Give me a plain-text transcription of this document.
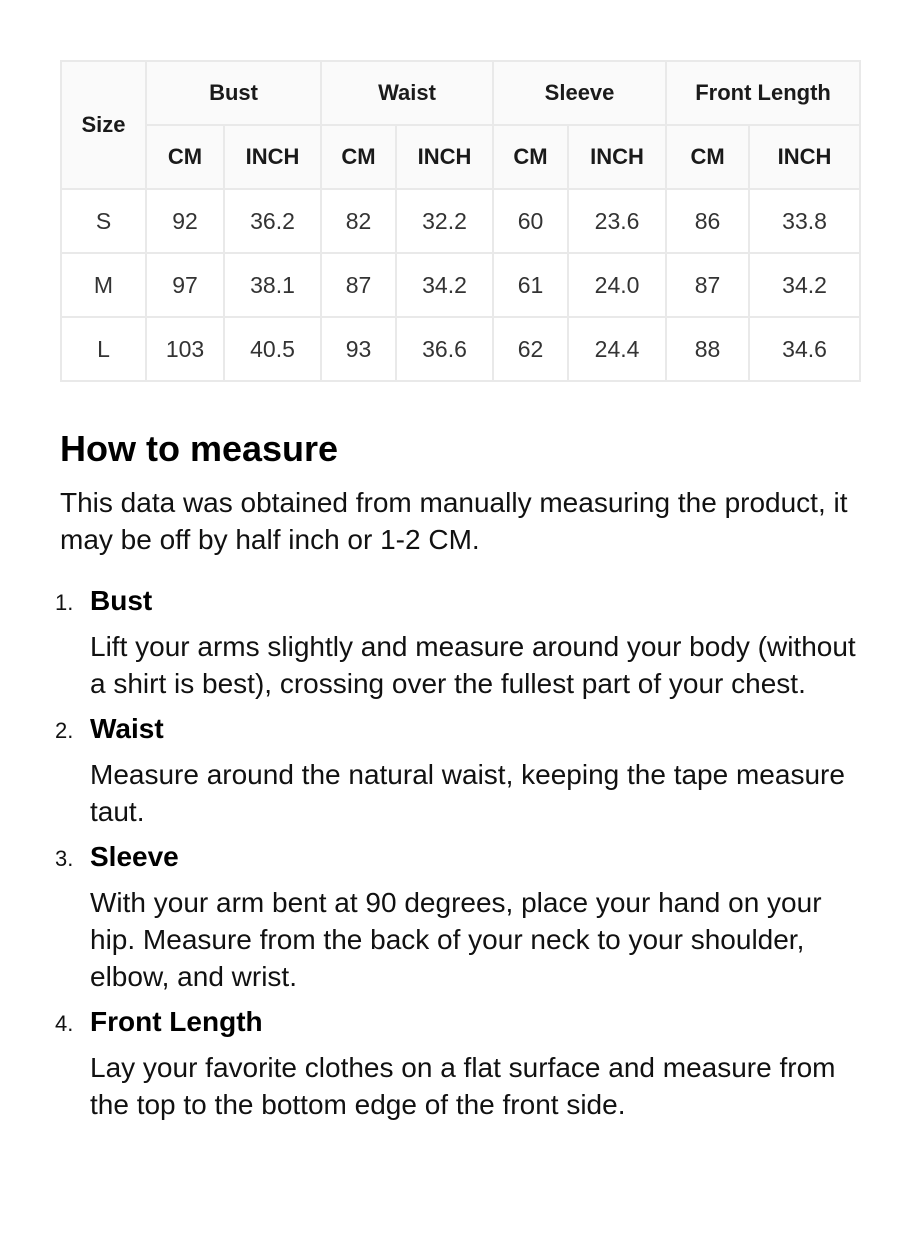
Size	Bust		Waist		Sleeve		Front Length	
	CM	INCH	CM	INCH	CM	INCH	CM	INCH
S	92	36.2	82	32.2	60	23.6	86	33.8
M	97	38.1	87	34.2	61	24.0	87	34.2
L	103	40.5	93	36.6	62	24.4	88	34.6
How to measure

This data was obtained from manually measuring the product, it may be off by half inch or 1-2 CM.

1. Bust
Lift your arms slightly and measure around your body (without a shirt is best), crossing over the fullest part of your chest.
2. Waist
Measure around the natural waist, keeping the tape measure taut.
3. Sleeve
With your arm bent at 90 degrees, place your hand on your hip. Measure from the back of your neck to your shoulder, elbow, and wrist.
4. Front Length
Lay your favorite clothes on a flat surface and measure from the top to the bottom edge of the front side.
